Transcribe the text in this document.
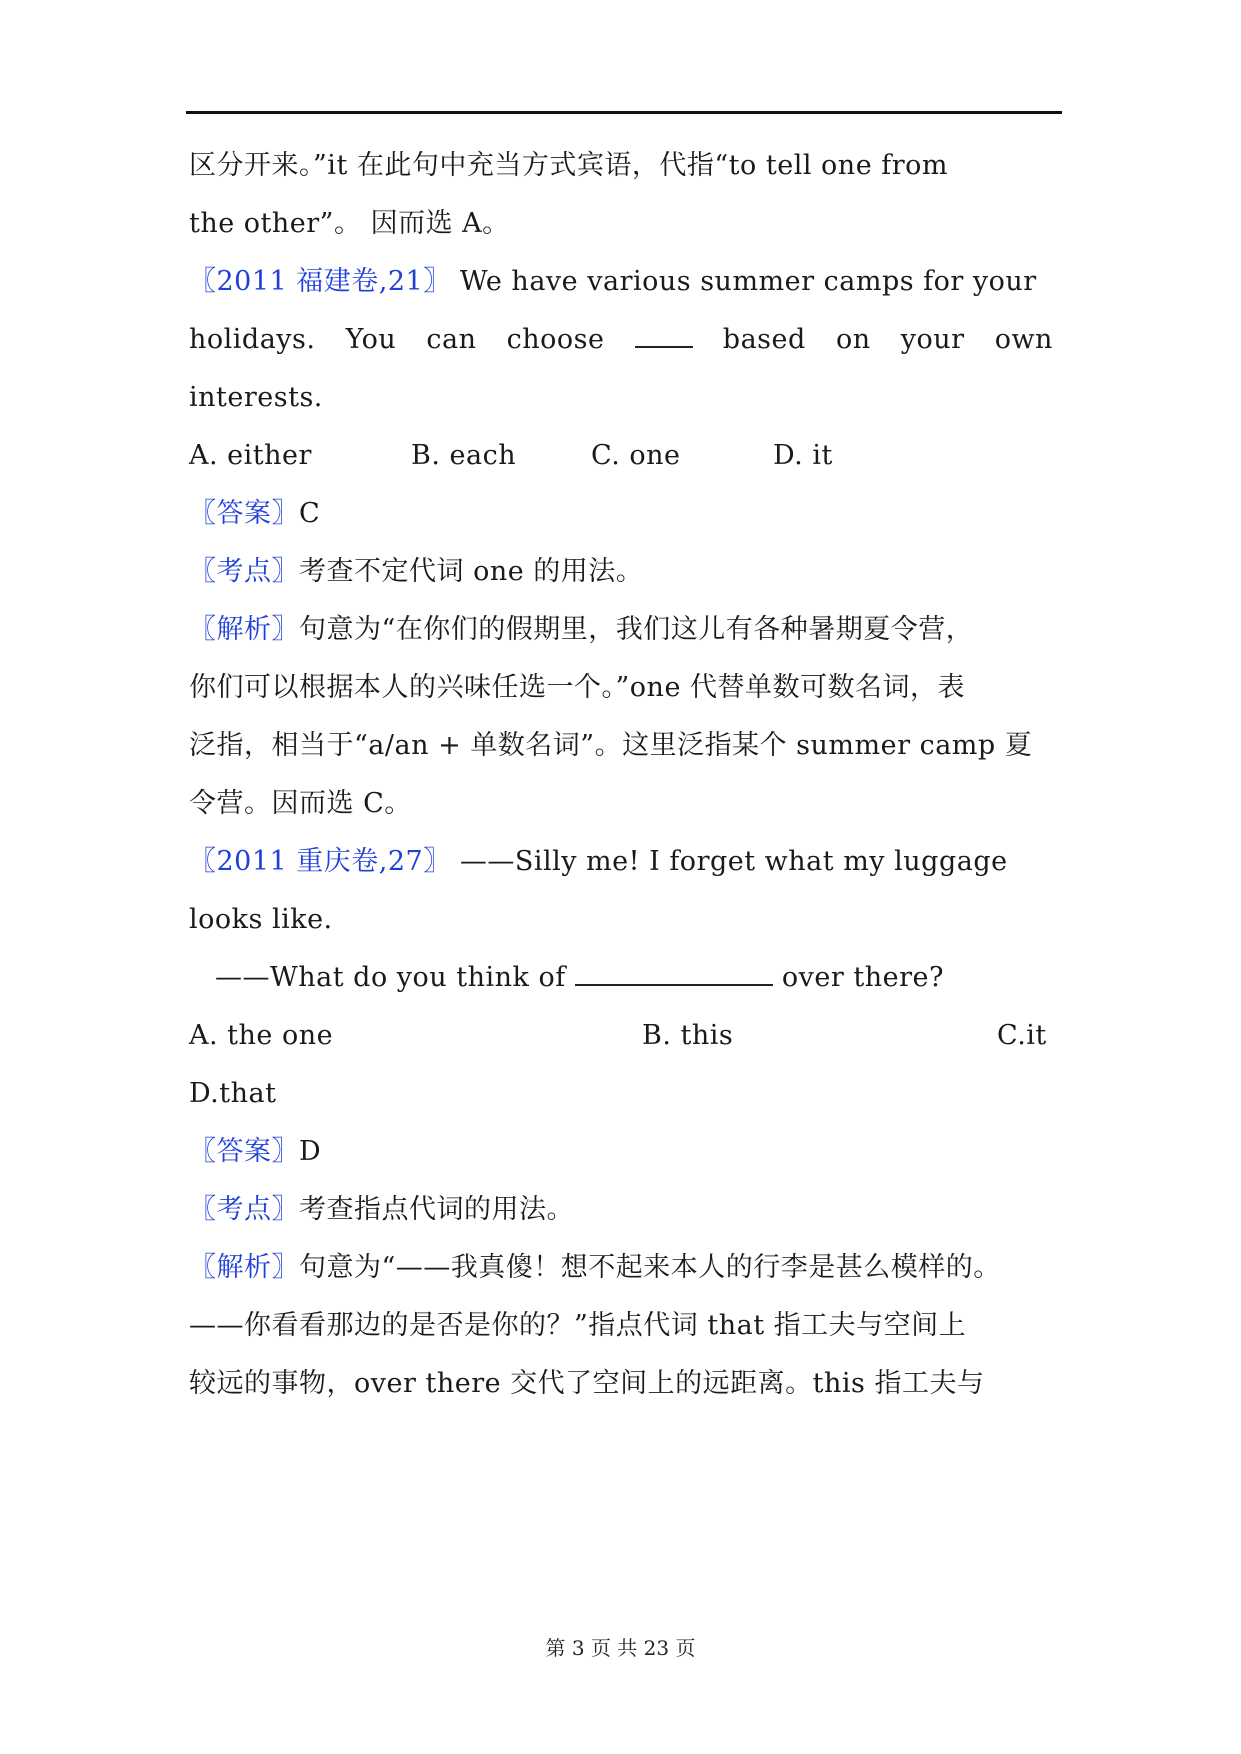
区分开来。”it 在此句中充当方式宾语，代指“to tell one from
the other”。 因而选 A。
〖2011 福建卷,21〗 We have various summer camps for your
holidays. You can choose	based on your own
interests.
A. either	B. each	C. one	D. it
〖答案〗C
〖考点〗考查不定代词 one 的用法。
〖解析〗句意为“在你们的假期里，我们这儿有各种暑期夏令营，
你们可以根据本人的兴味任选一个。”one 代替单数可数名词，表
泛指，相当于“a/an + 单数名词”。这里泛指某个 summer camp 夏
令营。因而选 C。
〖2011 重庆卷,27〗 ——Silly me! I forget what my luggage
looks like.
——What do you think of	over there?
A. the one	B. this	C.it
D.that
〖答案〗D
〖考点〗考查指点代词的用法。
〖解析〗句意为“——我真傻！想不起来本人的行李是甚么模样的。
——你看看那边的是否是你的？”指点代词 that 指工夫与空间上
较远的事物，over there 交代了空间上的远距离。this 指工夫与
第 3 页 共 23 页
